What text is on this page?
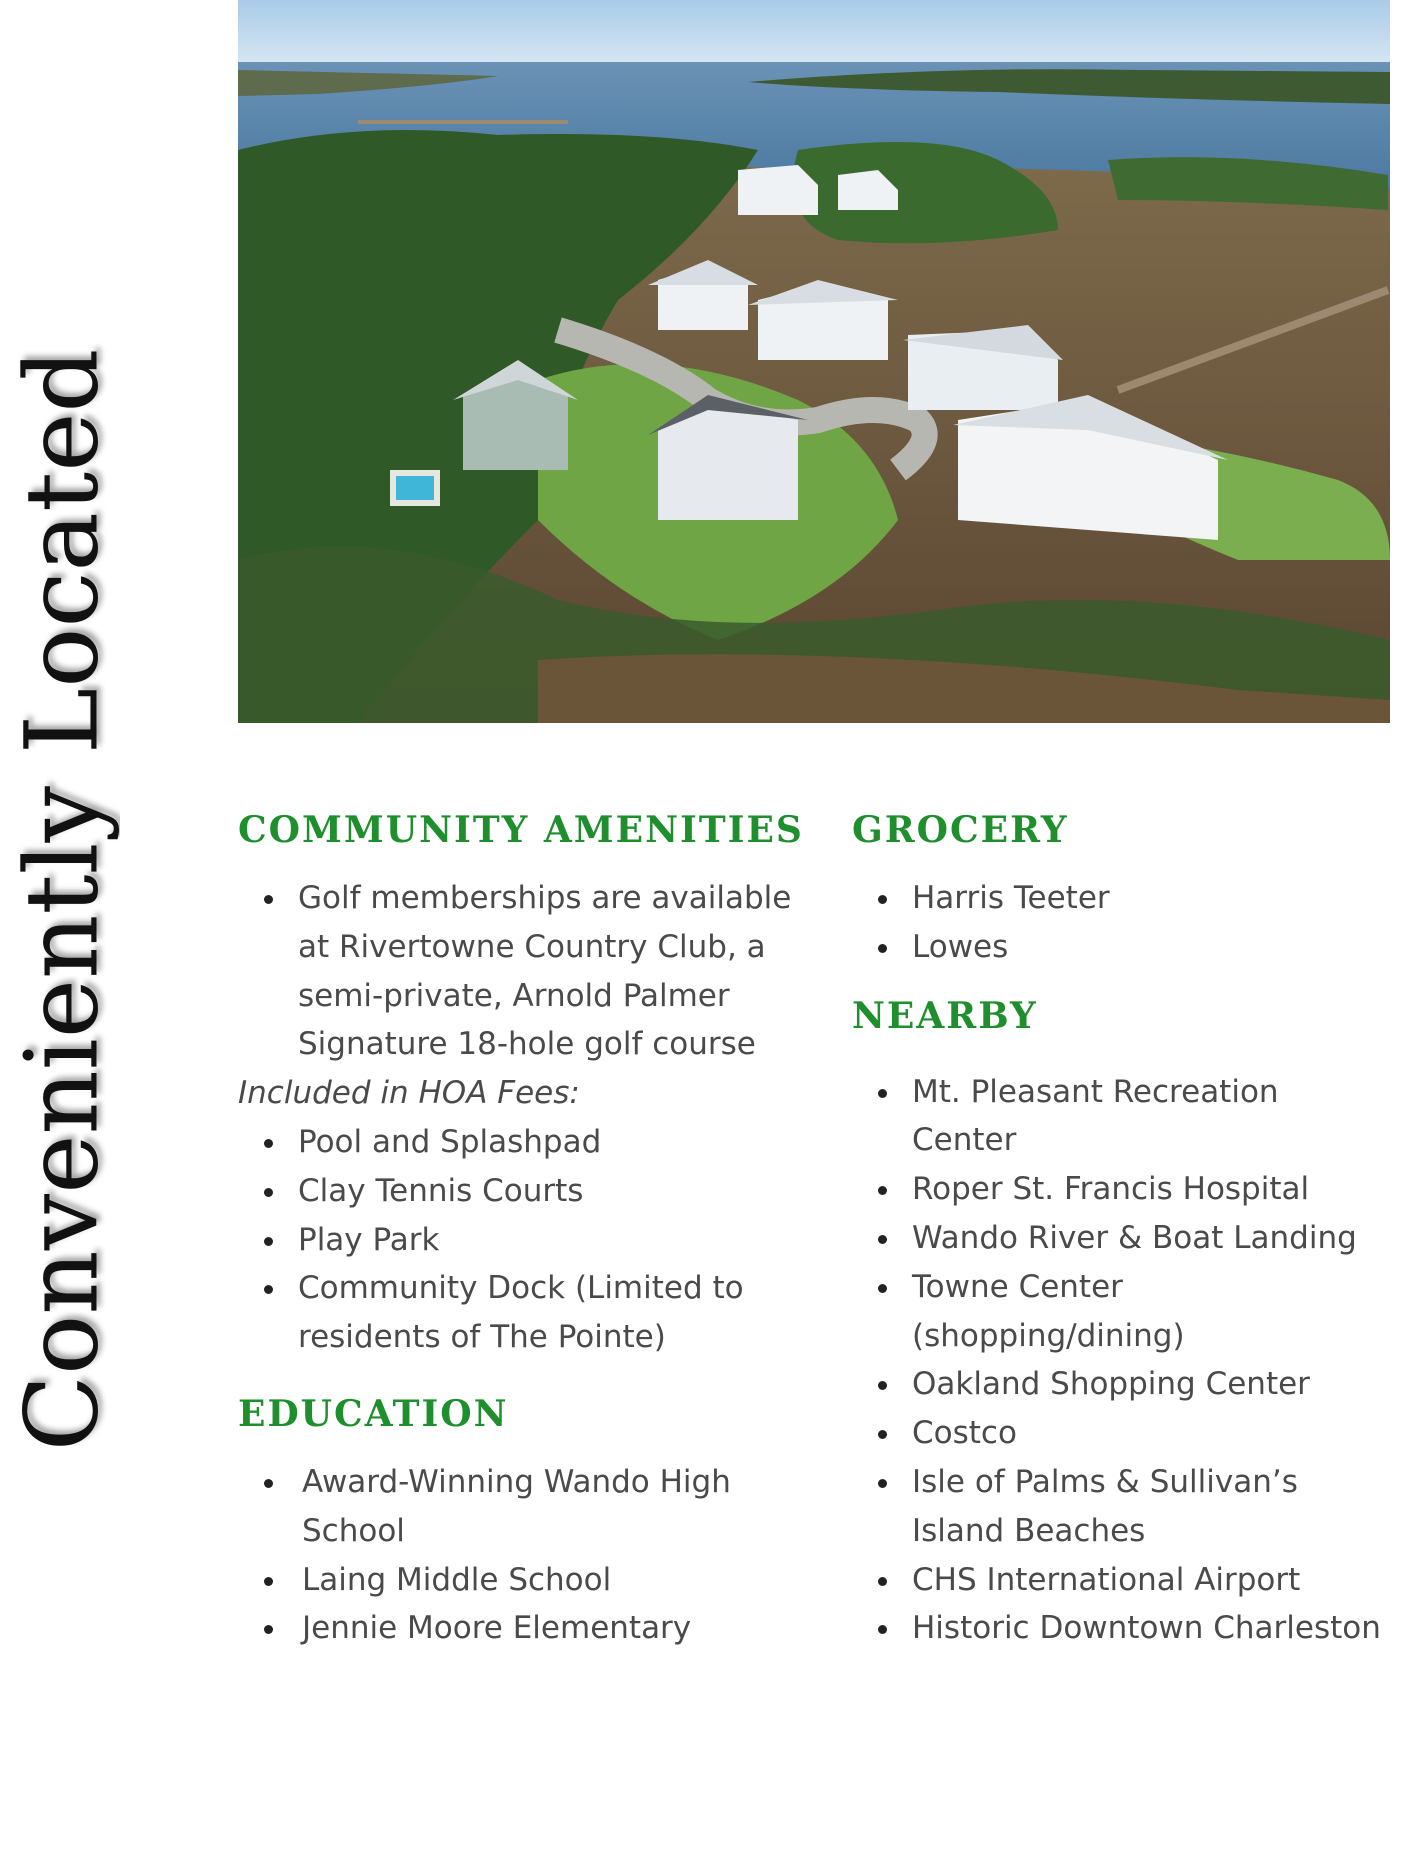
Conveniently Located	COMMUNITY AMENITIES
Golf memberships are available at Rivertowne Country Club, a semi-private, Arnold Palmer Signature 18-hole golf course

Included in HOA Fees:

Pool and Splashpad
Clay Tennis Courts
Play Park
Community Dock (Limited to residents of The Pointe)
EDUCATION
Award-Winning Wando High School
Laing Middle School
Jennie Moore Elementary
GROCERY
Harris Teeter
Lowes
NEARBY
Mt. Pleasant Recreation Center
Roper St. Francis Hospital
Wando River & Boat Landing
Towne Center (shopping/dining)
Oakland Shopping Center
Costco
Isle of Palms & Sullivan’s Island Beaches
CHS International Airport
Historic Downtown Charleston
